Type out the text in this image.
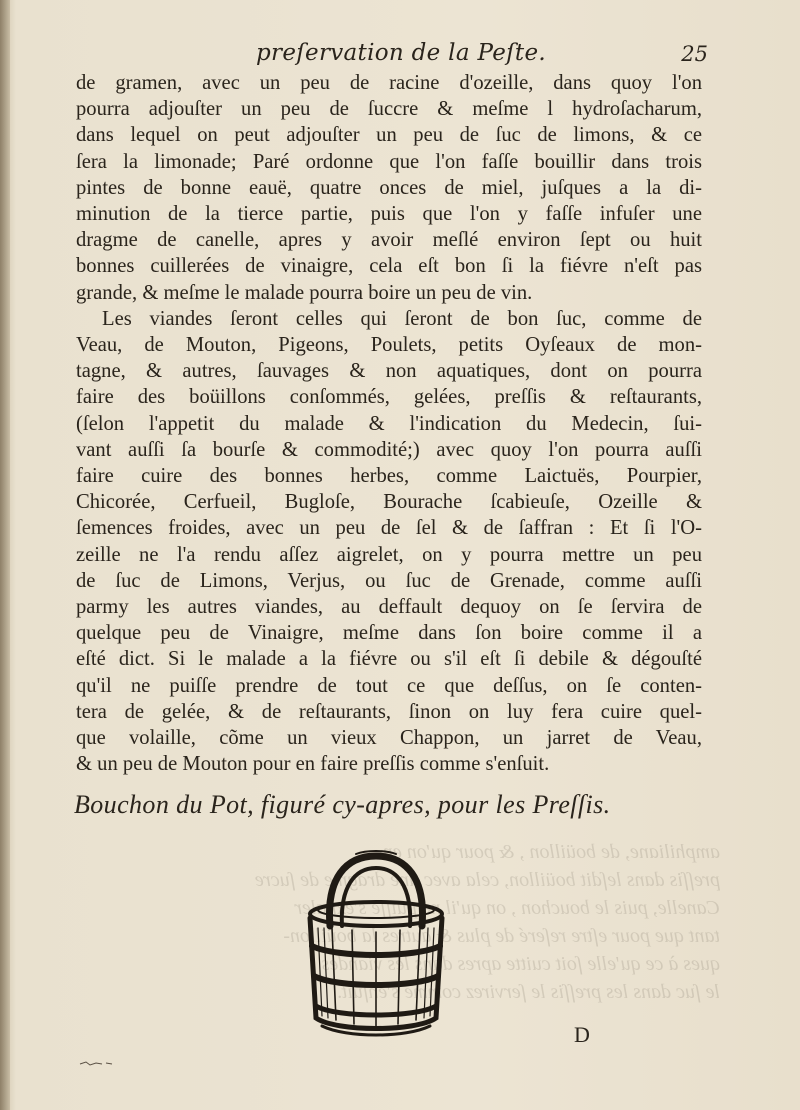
preſervation de la Peſte.	25
de gramen, avec un peu de racine d'ozeille, dans quoy l'on
pourra adjouſter un peu de ſuccre & meſme l hydroſacharum,
dans lequel on peut adjouſter un peu de ſuc de limons, & ce
ſera la limonade; Paré ordonne que l'on faſſe bouillir dans trois
pintes de bonne eauë, quatre onces de miel, juſques a la di-
minution de la tierce partie, puis que l'on y faſſe infuſer une
dragme de canelle, apres y avoir meſlé environ ſept ou huit
bonnes cuillerées de vinaigre, cela eſt bon ſi la fiévre n'eſt pas
grande, & meſme le malade pourra boire un peu de vin.
Les viandes ſeront celles qui ſeront de bon ſuc, comme de
Veau, de Mouton, Pigeons, Poulets, petits Oyſeaux de mon-
tagne, & autres, ſauvages & non aquatiques, dont on pourra
faire des boüillons conſommés, gelées, preſſis & reſtaurants,
(ſelon l'appetit du malade & l'indication du Medecin, ſui-
vant auſſi ſa bourſe & commodité;) avec quoy l'on pourra auſſi
faire cuire des bonnes herbes, comme Laictuës, Pourpier,
Chicorée, Cerfueil, Bugloſe, Bourache ſcabieuſe, Ozeille &
ſemences froides, avec un peu de ſel & de ſaffran : Et ſi l'O-
zeille ne l'a rendu aſſez aigrelet, on y pourra mettre un peu
de ſuc de Limons, Verjus, ou ſuc de Grenade, comme auſſi
parmy les autres viandes, au deffault dequoy on ſe ſervira de
quelque peu de Vinaigre, meſme dans ſon boire comme il a
eſté dict. Si le malade a la fiévre ou s'il eſt ſi debile & dégouſté
qu'il ne puiſſe prendre de tout ce que deſſus, on ſe conten-
tera de gelée, & de reſtaurants, ſinon on luy fera cuire quel-
que volaille, cõme un vieux Chappon, un jarret de Veau,
& un peu de Mouton pour en faire preſſis comme s'enſuit.
Bouchon du Pot, figuré cy-apres, pour les Preſſis.
amphiliane, de boüillon , & pour qu'on en
preſſis dans leſdit boüillon, cela avec une dragme de ſucre
Canelle, puis le bouchon , on qu'il ne puiſſe s'exhaler
tant que pour eſtre reſeré de plus & autres la boüillon-
ques à ce qu'elle ſoit cuitte apres dans les viandes
le ſuc dans les preſſis le ſervirez comme s'enſuit.
D
